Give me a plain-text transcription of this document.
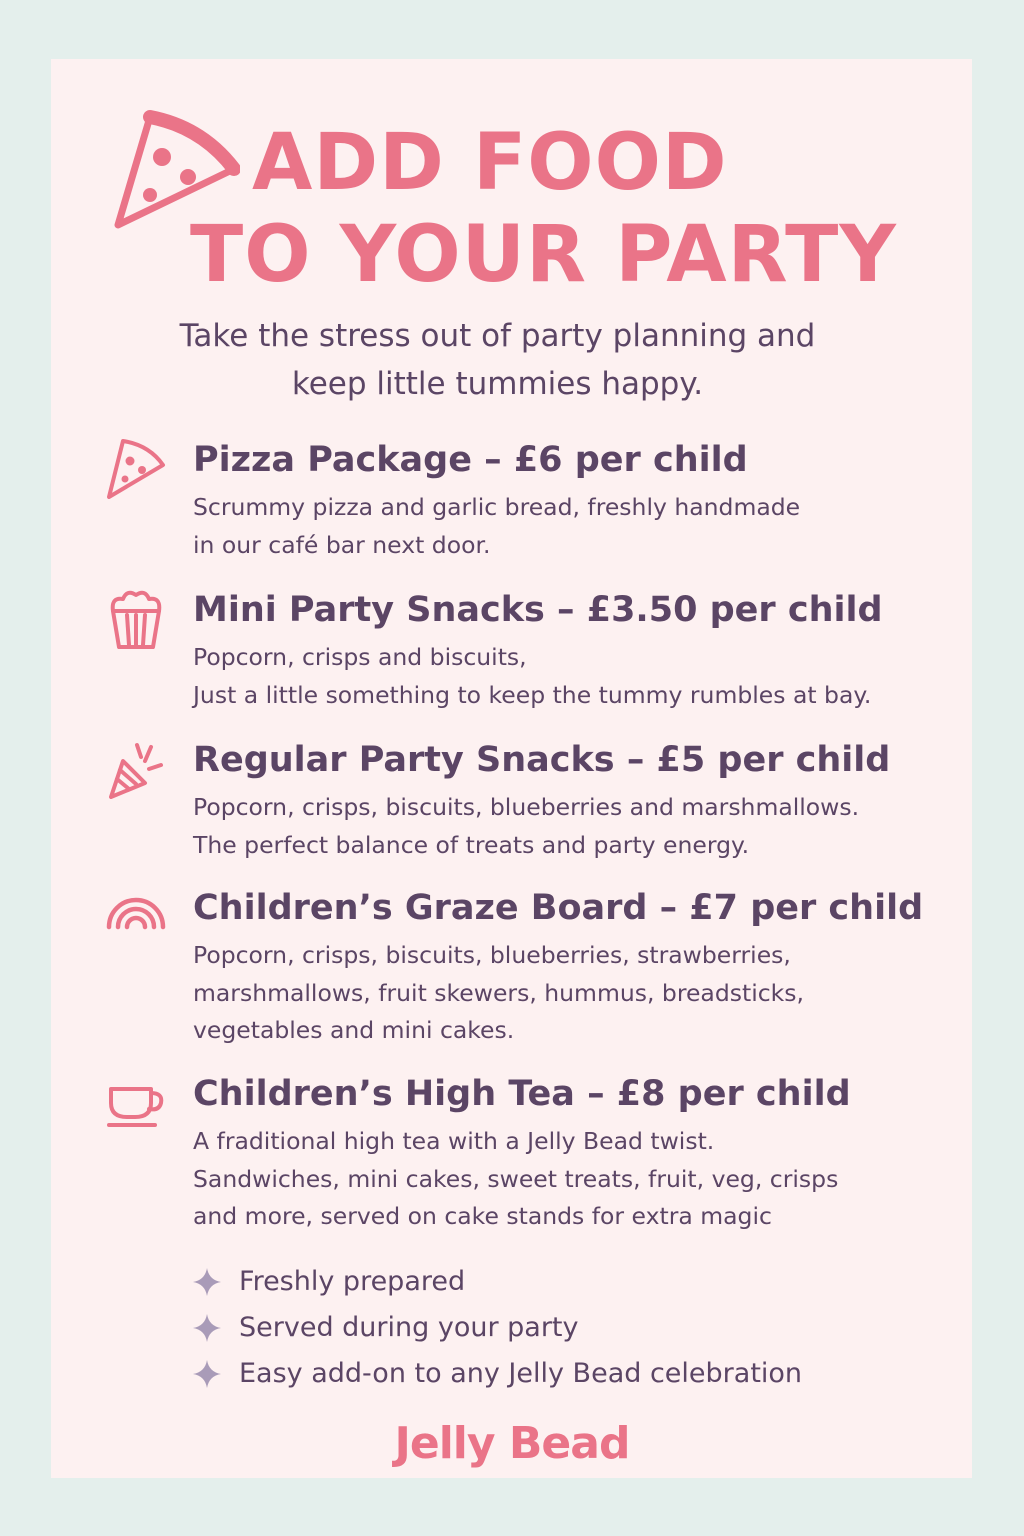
ADD FOOD
TO YOUR PARTY
Take the stress out of party planning and
keep little tummies happy.
Pizza Package – £6 per child
Scrummy pizza and garlic bread, freshly handmade
in our café bar next door.
Mini Party Snacks – £3.50 per child
Popcorn, crisps and biscuits,
Just a little something to keep the tummy rumbles at bay.
Regular Party Snacks – £5 per child
Popcorn, crisps, biscuits, blueberries and marshmallows.
The perfect balance of treats and party energy.
Children’s Graze Board – £7 per child
Popcorn, crisps, biscuits, blueberries, strawberries,
marshmallows, fruit skewers, hummus, breadsticks,
vegetables and mini cakes.
Children’s High Tea – £8 per child
A fraditional high tea with a Jelly Bead twist.
Sandwiches, mini cakes, sweet treats, fruit, veg, crisps
and more, served on cake stands for extra magic
Freshly prepared
Served during your party
Easy add-on to any Jelly Bead celebration
Jelly Bead
